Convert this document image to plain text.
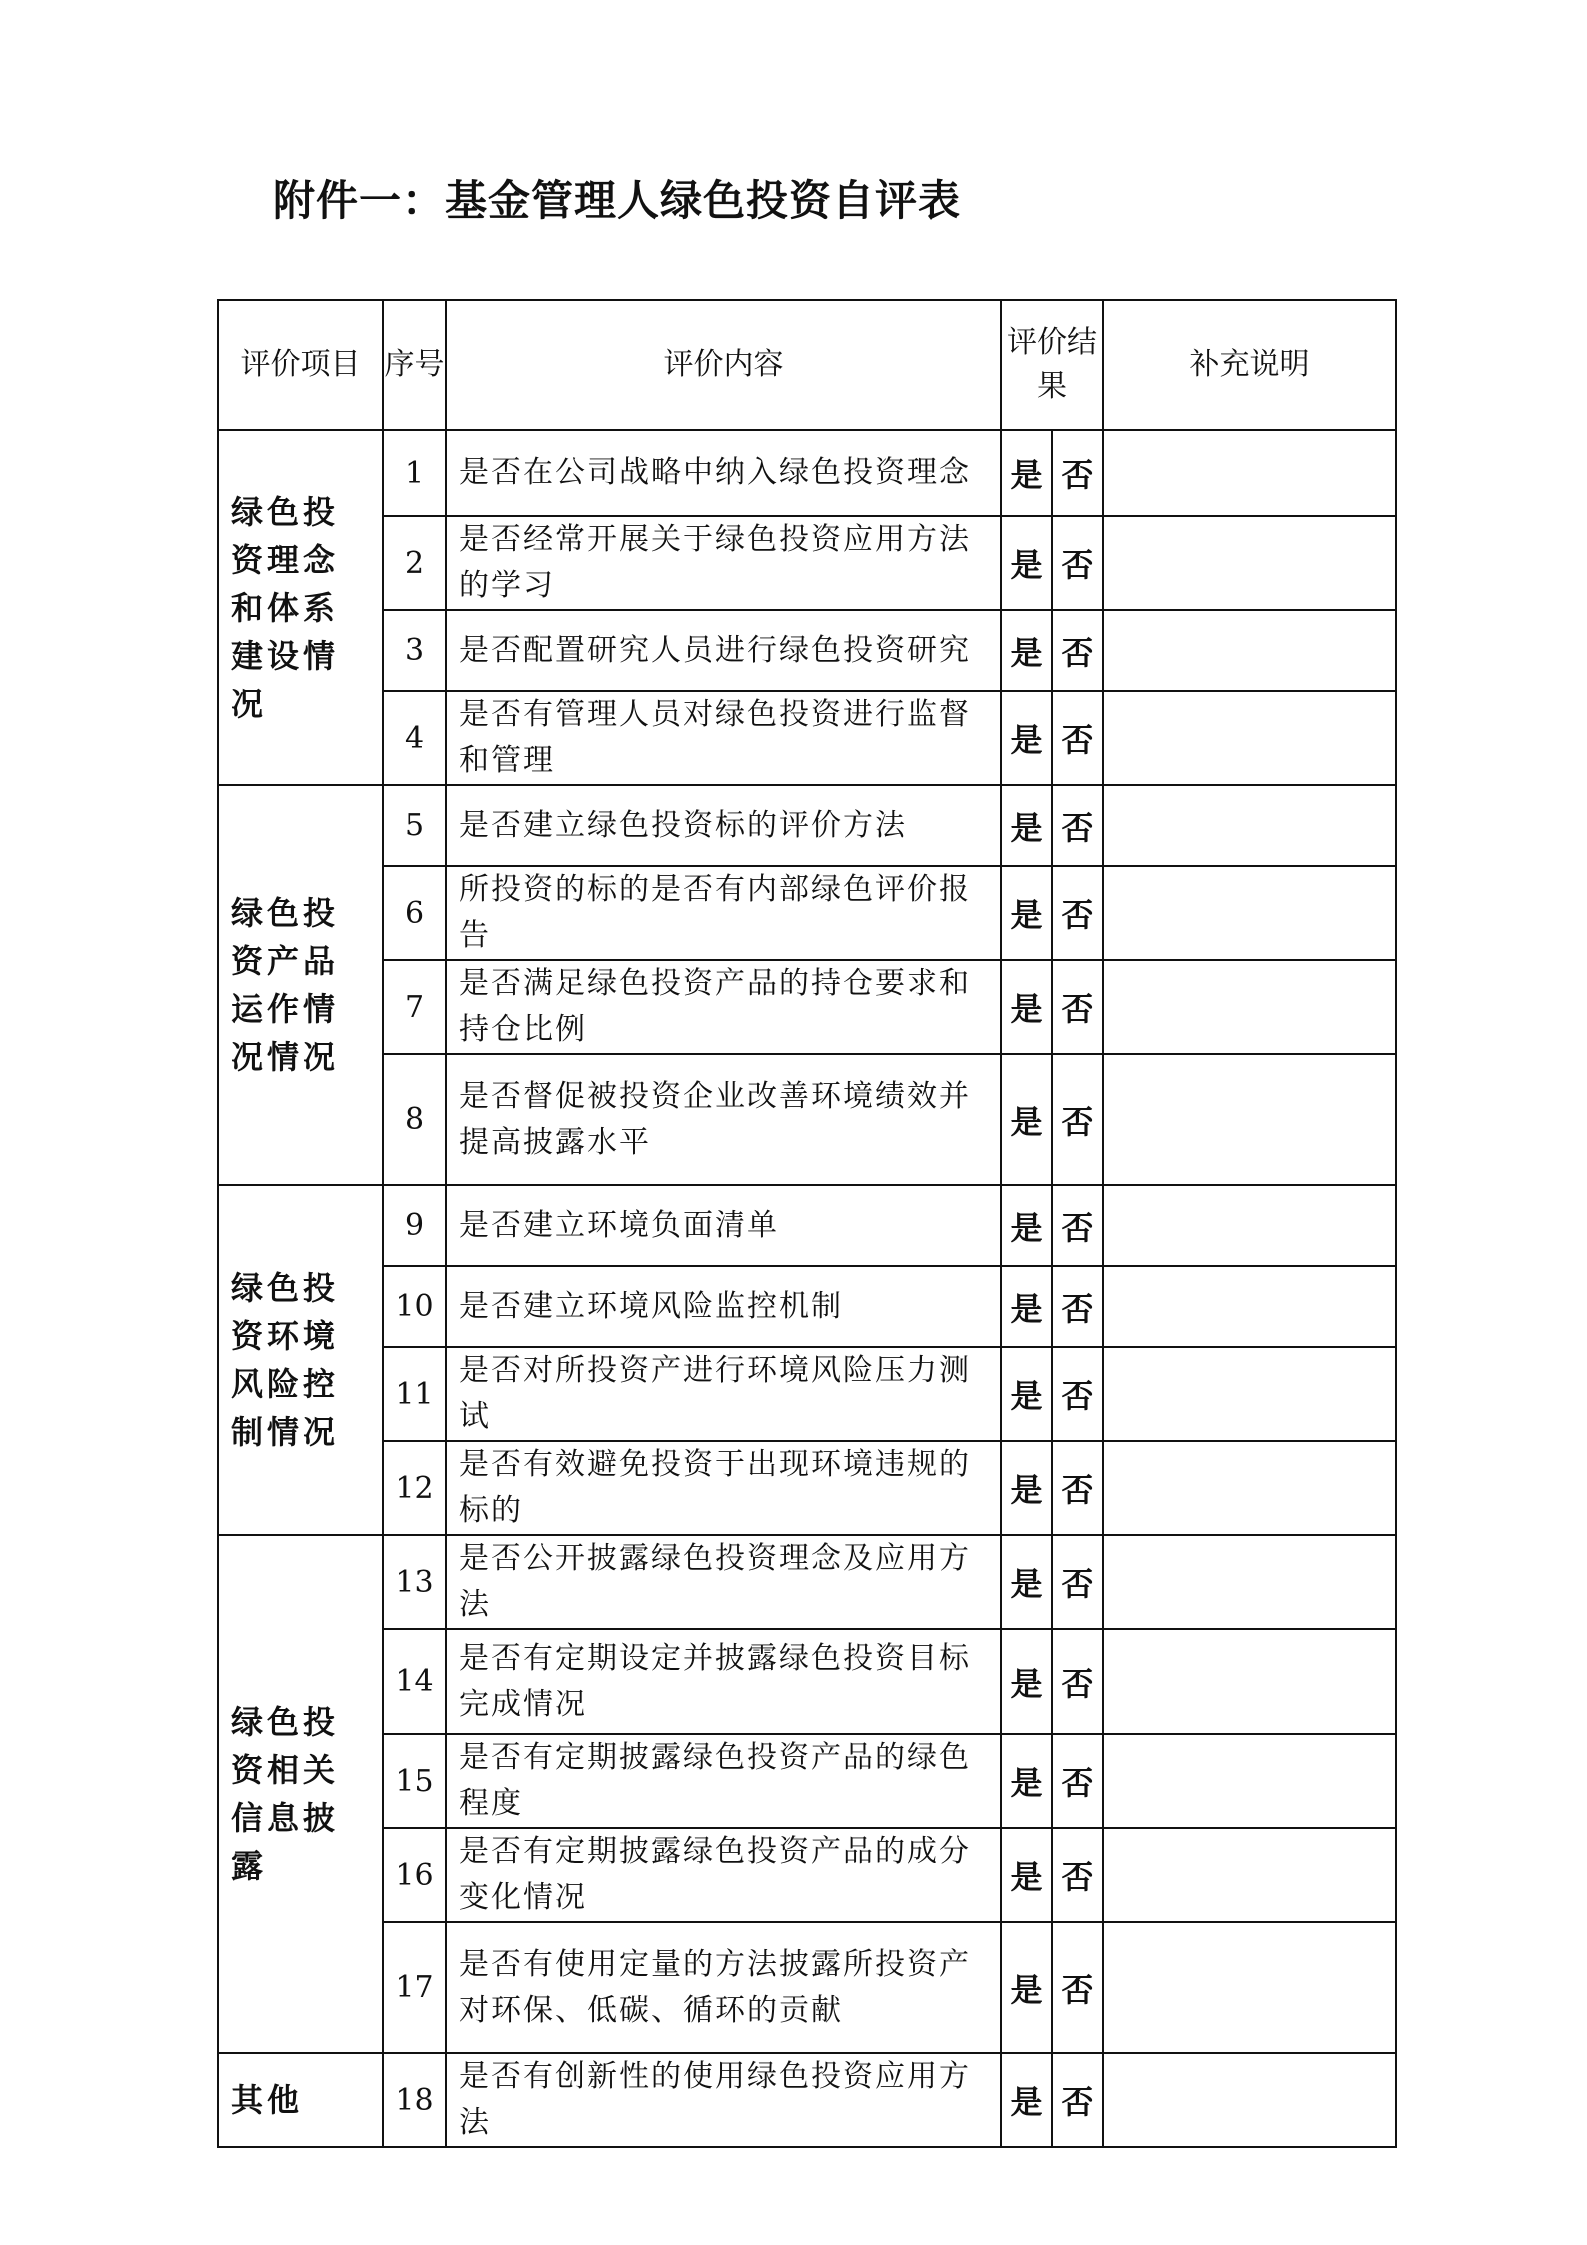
附件一：基金管理人绿色投资自评表
评价项目	序号	评价内容	评价结果		补充说明
绿色投资理念和体系建设情况	1	是否在公司战略中纳入绿色投资理念	是	否	
	2	是否经常开展关于绿色投资应用方法的学习	是	否	
	3	是否配置研究人员进行绿色投资研究	是	否	
	4	是否有管理人员对绿色投资进行监督和管理	是	否	
绿色投资产品运作情况情况	5	是否建立绿色投资标的评价方法	是	否	
	6	所投资的标的是否有内部绿色评价报告	是	否	
	7	是否满足绿色投资产品的持仓要求和持仓比例	是	否	
	8	是否督促被投资企业改善环境绩效并提高披露水平	是	否	
绿色投资环境风险控制情况	9	是否建立环境负面清单	是	否	
	10	是否建立环境风险监控机制	是	否	
	11	是否对所投资产进行环境风险压力测试	是	否	
	12	是否有效避免投资于出现环境违规的标的	是	否	
绿色投资相关信息披露	13	是否公开披露绿色投资理念及应用方法	是	否	
	14	是否有定期设定并披露绿色投资目标完成情况	是	否	
	15	是否有定期披露绿色投资产品的绿色程度	是	否	
	16	是否有定期披露绿色投资产品的成分变化情况	是	否	
	17	是否有使用定量的方法披露所投资产对环保、低碳、循环的贡献	是	否	
其他	18	是否有创新性的使用绿色投资应用方法	是	否	
